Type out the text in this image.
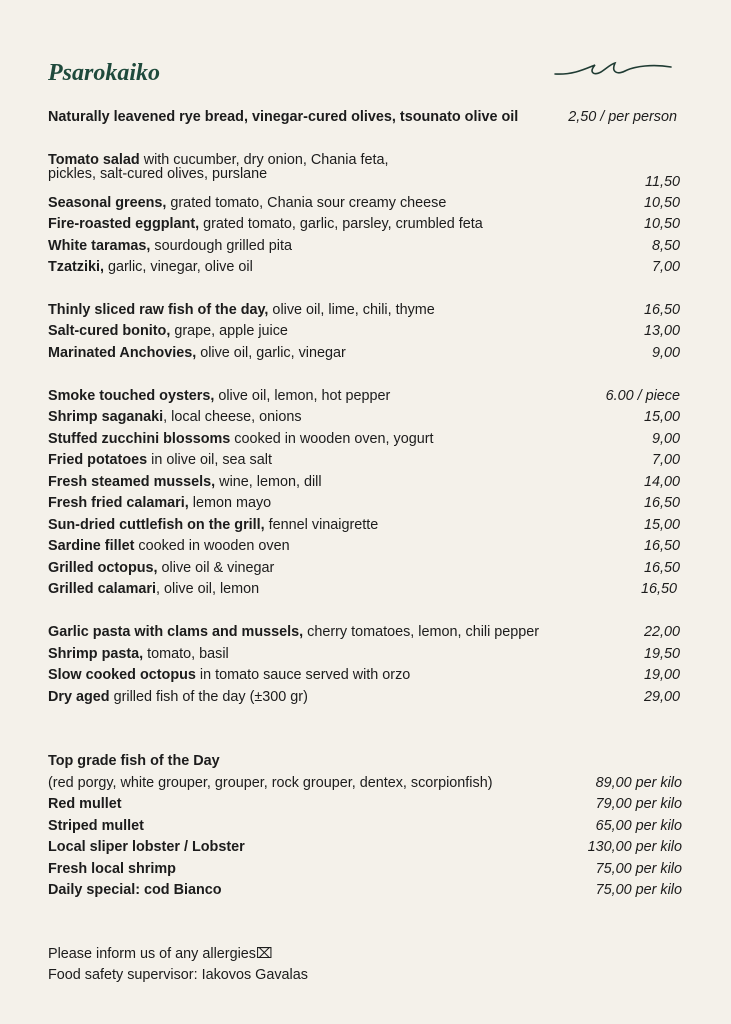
Psarokaiko
Naturally leavened rye bread, vinegar-cured olives, tsounato olive oil	2,50 / per person
Tomato salad with cucumber, dry onion, Chania feta,
pickles, salt-cured olives, purslane	11,50
Seasonal greens, grated tomato, Chania sour creamy cheese	10,50
Fire-roasted eggplant, grated tomato, garlic, parsley, crumbled feta	10,50
White taramas, sourdough grilled pita	8,50
Tzatziki, garlic, vinegar, olive oil	7,00
Thinly sliced raw fish of the day, olive oil, lime, chili, thyme	16,50
Salt-cured bonito, grape, apple juice	13,00
Marinated Anchovies, olive oil, garlic, vinegar	9,00
Smoke touched oysters, olive oil, lemon, hot pepper	6.00 / piece
Shrimp saganaki, local cheese, onions	15,00
Stuffed zucchini blossoms cooked in wooden oven, yogurt	9,00
Fried potatoes in olive oil, sea salt	7,00
Fresh steamed mussels, wine, lemon, dill	14,00
Fresh fried calamari, lemon mayo	16,50
Sun-dried cuttlefish on the grill, fennel vinaigrette	15,00
Sardine fillet cooked in wooden oven	16,50
Grilled octopus, olive oil & vinegar	16,50
Grilled calamari, olive oil, lemon	16,50
Garlic pasta with clams and mussels, cherry tomatoes, lemon, chili pepper	22,00
Shrimp pasta, tomato, basil	19,50
Slow cooked octopus in tomato sauce served with orzo	19,00
Dry aged grilled fish of the day (±300 gr)	29,00
Top grade fish of the Day
(red porgy, white grouper, grouper, rock grouper, dentex, scorpionfish)	89,00 per kilo
Red mullet	79,00 per kilo
Striped mullet	65,00 per kilo
Local sliper lobster / Lobster	130,00 per kilo
Fresh local shrimp	75,00 per kilo
Daily special: cod Bianco	75,00 per kilo
Please inform us of any allergies⌧
Food safety supervisor: Iakovos Gavalas
